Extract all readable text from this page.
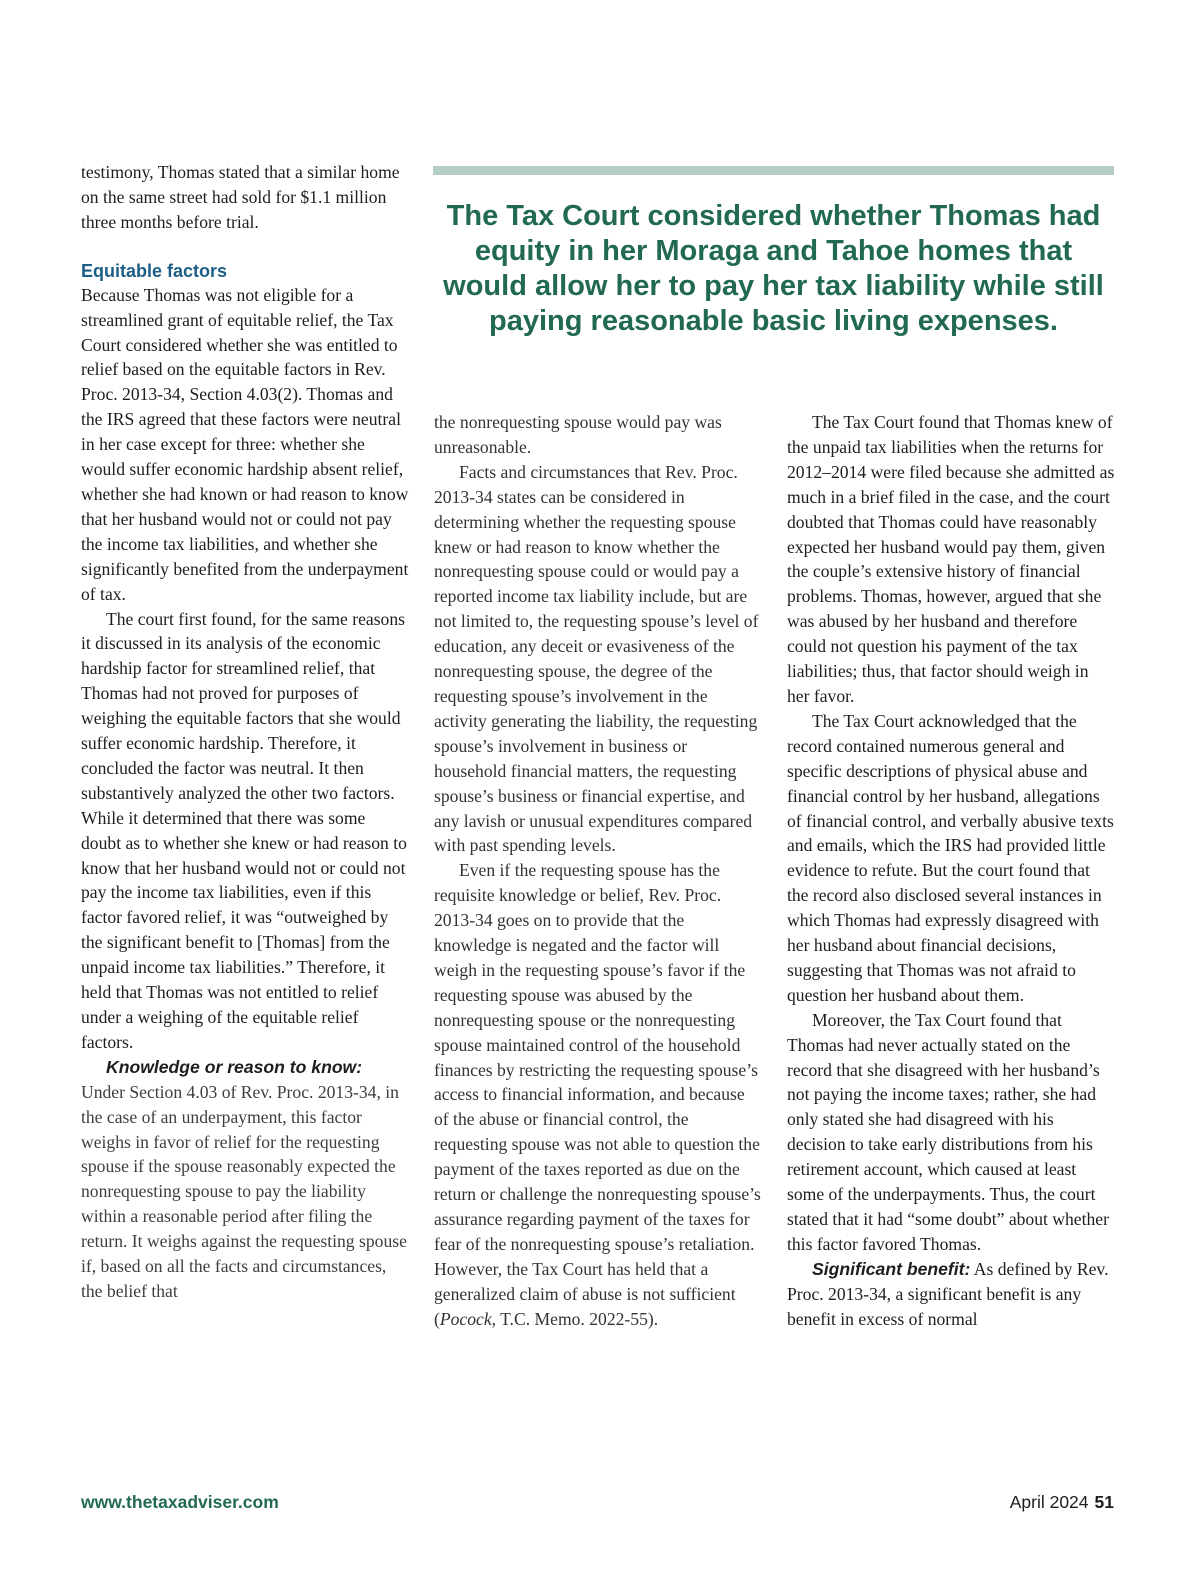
testimony, Thomas stated that a similar home on the same street had sold for $1.1 million three months before trial.

Equitable factors

Because Thomas was not eligible for a streamlined grant of equitable relief, the Tax Court considered whether she was entitled to relief based on the equitable factors in Rev. Proc. 2013-34, Section 4.03(2). Thomas and the IRS agreed that these factors were neutral in her case except for three: whether she would suffer economic hardship absent relief, whether she had known or had reason to know that her husband would not or could not pay the income tax liabilities, and whether she significantly benefited from the underpayment of tax.

The court first found, for the same reasons it discussed in its analysis of the economic hardship factor for streamlined relief, that Thomas had not proved for purposes of weighing the equitable factors that she would suffer economic hardship. Therefore, it concluded the factor was neutral. It then substantively analyzed the other two factors. While it determined that there was some doubt as to whether she knew or had reason to know that her husband would not or could not pay the income tax liabilities, even if this factor favored relief, it was “outweighed by the significant benefit to [Thomas] from the unpaid income tax liabilities.” Therefore, it held that Thomas was not entitled to relief under a weighing of the equitable relief factors.

Knowledge or reason to know: Under Section 4.03 of Rev. Proc. 2013-34, in the case of an underpayment, this factor weighs in favor of relief for the requesting spouse if the spouse reasonably expected the nonrequesting spouse to pay the liability within a reasonable period after filing the return. It weighs against the requesting spouse if, based on all the facts and circumstances, the belief that

The Tax Court considered whether Thomas had equity in her Moraga and Tahoe homes that would allow her to pay her tax liability while still paying reasonable basic living expenses.

the nonrequesting spouse would pay was unreasonable.

Facts and circumstances that Rev. Proc. 2013-34 states can be considered in determining whether the requesting spouse knew or had reason to know whether the nonrequesting spouse could or would pay a reported income tax liability include, but are not limited to, the requesting spouse’s level of education, any deceit or evasiveness of the nonrequesting spouse, the degree of the requesting spouse’s involvement in the activity generating the liability, the requesting spouse’s involvement in business or household financial matters, the requesting spouse’s business or financial expertise, and any lavish or unusual expenditures compared with past spending levels.

Even if the requesting spouse has the requisite knowledge or belief, Rev. Proc. 2013-34 goes on to provide that the knowledge is negated and the factor will weigh in the requesting spouse’s favor if the requesting spouse was abused by the nonrequesting spouse or the nonrequesting spouse maintained control of the household finances by restricting the requesting spouse’s access to financial information, and because of the abuse or financial control, the requesting spouse was not able to question the payment of the taxes reported as due on the return or challenge the nonrequesting spouse’s assurance regarding payment of the taxes for fear of the nonrequesting spouse’s retaliation. However, the Tax Court has held that a generalized claim of abuse is not sufficient (Pocock, T.C. Memo. 2022-55).

The Tax Court found that Thomas knew of the unpaid tax liabilities when the returns for 2012–2014 were filed because she admitted as much in a brief filed in the case, and the court doubted that Thomas could have reasonably expected her husband would pay them, given the couple’s extensive history of financial problems. Thomas, however, argued that she was abused by her husband and therefore could not question his payment of the tax liabilities; thus, that factor should weigh in her favor.

The Tax Court acknowledged that the record contained numerous general and specific descriptions of physical abuse and financial control by her husband, allegations of financial control, and verbally abusive texts and emails, which the IRS had provided little evidence to refute. But the court found that the record also disclosed several instances in which Thomas had expressly disagreed with her husband about financial decisions, suggesting that Thomas was not afraid to question her husband about them.

Moreover, the Tax Court found that Thomas had never actually stated on the record that she disagreed with her husband’s not paying the income taxes; rather, she had only stated she had disagreed with his decision to take early distributions from his retirement account, which caused at least some of the underpayments. Thus, the court stated that it had “some doubt” about whether this factor favored Thomas.

Significant benefit: As defined by Rev. Proc. 2013-34, a significant benefit is any benefit in excess of normal

www.thetaxadviser.com	April 2024 51
